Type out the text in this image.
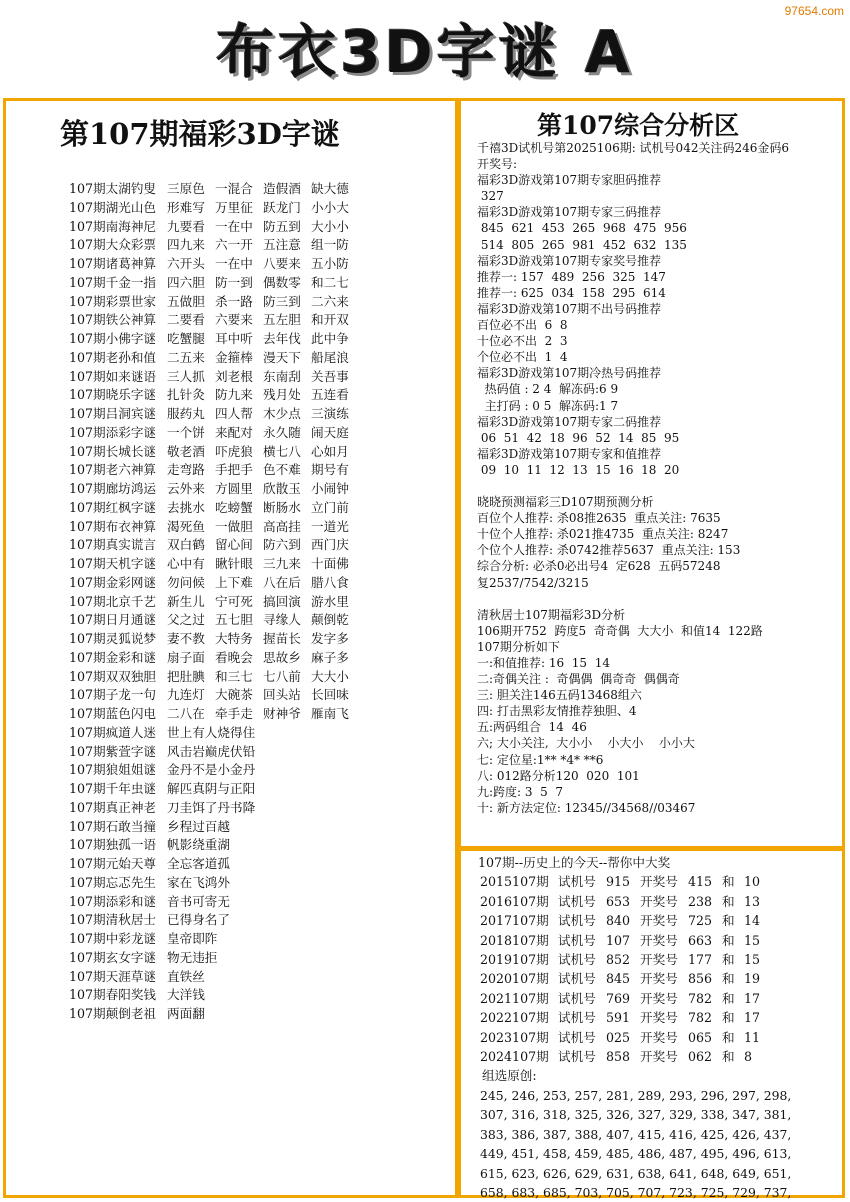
97654.com
布衣3D字谜 A
第107期福彩3D字谜
107期太湖钓叟 三原色 一混合 造假酒 缺大德
107期湖光山色 形难写 万里征 跃龙门 小小大
107期南海神尼 九要看 一在中 防五到 大小小
107期大众彩票 四九来 六一开 五注意 组一防
107期诸葛神算 六开头 一在中 八要来 五小防
107期千金一指 四六胆 防一到 偶数零 和二七
107期彩票世家 五做胆 杀一路 防三到 二六来
107期铁公神算 二要看 六要来 五左胆 和开双
107期小佛字谜 吃蟹腿 耳中听 去年伐 此中争
107期老孙和值 二五来 金箍棒 漫天下 船尾浪
107期如来谜语 三人抓 刘老根 东南刮 关吾事
107期晓乐字谜 扎针灸 防九来 残月处 五连看
107期吕洞宾谜 服药丸 四人帮 木少点 三演练
107期添彩字谜 一个饼 来配对 永久随 闹天庭
107期长城长谜 敬老酒 吓虎狼 横七八 心如月
107期老六神算 走弯路 手把手 色不难 期号有
107期廊坊鸿运 云外来 方圆里 欣散玉 小闹钟
107期红枫字谜 去挑水 吃螃蟹 断肠水 立门前
107期布衣神算 渴死鱼 一做胆 高高挂 一道光
107期真实谎言 双白鹤 留心间 防六到 西门庆
107期天机字谜 心中有 瞅针眼 三九来 十面佛
107期金彩网谜 勿问候 上下难 八在后 腊八食
107期北京千艺 新生儿 宁可死 搞回演 游水里
107期日月通谜 父之过 五七胆 寻缘人 颠倒乾
107期灵狐说梦 妻不教 大特务 握苗长 发字多
107期金彩和谜 扇子面 看晚会 思故乡 麻子多
107期双双独胆 把肚腆 和三七 七八前 大大小
107期子龙一句 九连灯 大碗茶 回头站 长回味
107期蓝色闪电 二八在 牵手走 财神爷 雁南飞
107期疯道人迷 世上有人烧得住
107期紫萱字谜 风击岩巅虎伏铅
107期狼姐姐谜 金丹不是小金丹
107期千年虫谜 解匹真阴与正阳
107期真正神老 刀圭饵了丹书降
107期石敢当撞 乡程过百越
107期独孤一语 帆影绕重湖
107期元始天尊 全忘客道孤
107期忘忑先生 家在飞鸿外
107期添彩和谜 音书可寄无
107期清秋居士 已得身名了
107期中彩龙谜 皇帝即阼
107期玄女字谜 物无违拒
107期天涯草谜 直铁丝
107期春阳奖钱 大洋钱
107期颠倒老祖 两面翻
第107综合分析区
千禧3D试机号第2025106期: 试机号042关注码246金码6
开奖号:
福彩3D游戏第107期专家胆码推荐
327
福彩3D游戏第107期专家三码推荐
845  621  453  265  968  475  956
514  805  265  981  452  632  135
福彩3D游戏第107期专家奖号推荐
推荐一: 157  489  256  325  147
推荐一: 625  034  158  295  614
福彩3D游戏第107期不出号码推荐
百位必不出  6  8
十位必不出  2  3
个位必不出  1  4
福彩3D游戏第107期冷热号码推荐
热码值 : 2 4  解冻码:6 9
主打码 : 0 5  解冻码:1 7
福彩3D游戏第107期专家二码推荐
06  51  42  18  96  52  14  85  95
福彩3D游戏第107期专家和值推荐
09  10  11  12  13  15  16  18  20
晓晓预测福彩三D107期预测分析
百位个人推荐: 杀08推2635  重点关注: 7635
十位个人推荐: 杀021推4735  重点关注: 8247
个位个人推荐: 杀0742推荐5637  重点关注: 153
综合分析: 必杀0必出号4  定628  五码57248
复2537/7542/3215
清秋居士107期福彩3D分析
106期开752  跨度5  奇奇偶  大大小  和值14  122路
107期分析如下
一:和值推荐: 16  15  14
二:奇偶关注 :  奇偶偶  偶奇奇  偶偶奇
三: 胆关注146五码13468组六
四: 打击黑彩友情推荐独胆、4
五:两码组合  14  46
六; 大小关注,  大小小    小大小    小小大
七: 定位星:1** *4* **6
八: 012路分析120  020  101
九:跨度: 3  5  7
十: 新方法定位: 12345//34568//03467
107期--历史上的今天--帮你中大奖
2015107期 试机号 915 开奖号 415 和 10
2016107期 试机号 653 开奖号 238 和 13
2017107期 试机号 840 开奖号 725 和 14
2018107期 试机号 107 开奖号 663 和 15
2019107期 试机号 852 开奖号 177 和 15
2020107期 试机号 845 开奖号 856 和 19
2021107期 试机号 769 开奖号 782 和 17
2022107期 试机号 591 开奖号 782 和 17
2023107期 试机号 025 开奖号 065 和 11
2024107期 试机号 858 开奖号 062 和 8
组选原创:
245, 246, 253, 257, 281, 289, 293, 296, 297, 298,
307, 316, 318, 325, 326, 327, 329, 338, 347, 381,
383, 386, 387, 388, 407, 415, 416, 425, 426, 437,
449, 451, 458, 459, 485, 486, 487, 495, 496, 613,
615, 623, 626, 629, 631, 638, 641, 648, 649, 651,
658, 683, 685, 703, 705, 707, 723, 725, 729, 737,
